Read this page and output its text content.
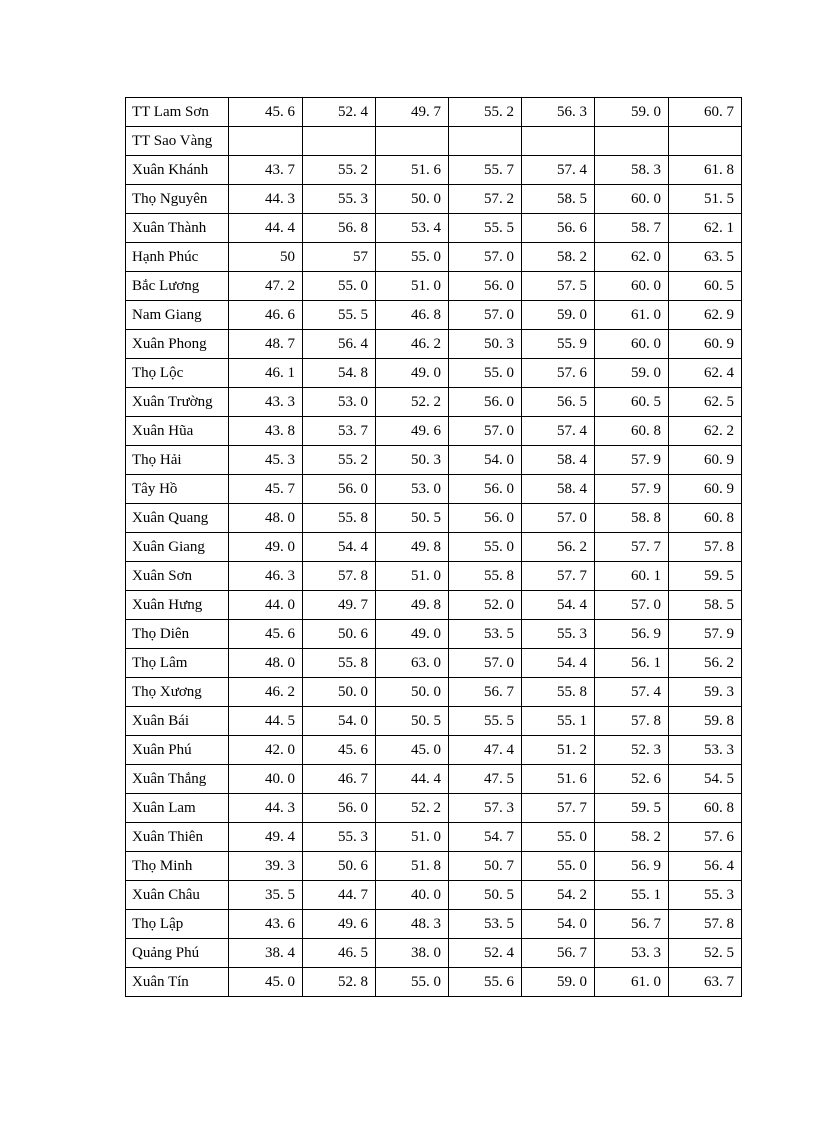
TT Lam Sơn	45. 6	52. 4	49. 7	55. 2	56. 3	59. 0	60. 7
TT Sao Vàng							
Xuân Khánh	43. 7	55. 2	51. 6	55. 7	57. 4	58. 3	61. 8
Thọ Nguyên	44. 3	55. 3	50. 0	57. 2	58. 5	60. 0	51. 5
Xuân Thành	44. 4	56. 8	53. 4	55. 5	56. 6	58. 7	62. 1
Hạnh Phúc	50	57	55. 0	57. 0	58. 2	62. 0	63. 5
Bắc Lương	47. 2	55. 0	51. 0	56. 0	57. 5	60. 0	60. 5
Nam Giang	46. 6	55. 5	46. 8	57. 0	59. 0	61. 0	62. 9
Xuân Phong	48. 7	56. 4	46. 2	50. 3	55. 9	60. 0	60. 9
Thọ Lộc	46. 1	54. 8	49. 0	55. 0	57. 6	59. 0	62. 4
Xuân Trường	43. 3	53. 0	52. 2	56. 0	56. 5	60. 5	62. 5
Xuân Hũa	43. 8	53. 7	49. 6	57. 0	57. 4	60. 8	62. 2
Thọ Hải	45. 3	55. 2	50. 3	54. 0	58. 4	57. 9	60. 9
Tây Hồ	45. 7	56. 0	53. 0	56. 0	58. 4	57. 9	60. 9
Xuân Quang	48. 0	55. 8	50. 5	56. 0	57. 0	58. 8	60. 8
Xuân Giang	49. 0	54. 4	49. 8	55. 0	56. 2	57. 7	57. 8
Xuân Sơn	46. 3	57. 8	51. 0	55. 8	57. 7	60. 1	59. 5
Xuân Hưng	44. 0	49. 7	49. 8	52. 0	54. 4	57. 0	58. 5
Thọ Diên	45. 6	50. 6	49. 0	53. 5	55. 3	56. 9	57. 9
Thọ Lâm	48. 0	55. 8	63. 0	57. 0	54. 4	56. 1	56. 2
Thọ Xương	46. 2	50. 0	50. 0	56. 7	55. 8	57. 4	59. 3
Xuân Bái	44. 5	54. 0	50. 5	55. 5	55. 1	57. 8	59. 8
Xuân Phú	42. 0	45. 6	45. 0	47. 4	51. 2	52. 3	53. 3
Xuân Thắng	40. 0	46. 7	44. 4	47. 5	51. 6	52. 6	54. 5
Xuân Lam	44. 3	56. 0	52. 2	57. 3	57. 7	59. 5	60. 8
Xuân Thiên	49. 4	55. 3	51. 0	54. 7	55. 0	58. 2	57. 6
Thọ Minh	39. 3	50. 6	51. 8	50. 7	55. 0	56. 9	56. 4
Xuân Châu	35. 5	44. 7	40. 0	50. 5	54. 2	55. 1	55. 3
Thọ Lập	43. 6	49. 6	48. 3	53. 5	54. 0	56. 7	57. 8
Quảng Phú	38. 4	46. 5	38. 0	52. 4	56. 7	53. 3	52. 5
Xuân Tín	45. 0	52. 8	55. 0	55. 6	59. 0	61. 0	63. 7
